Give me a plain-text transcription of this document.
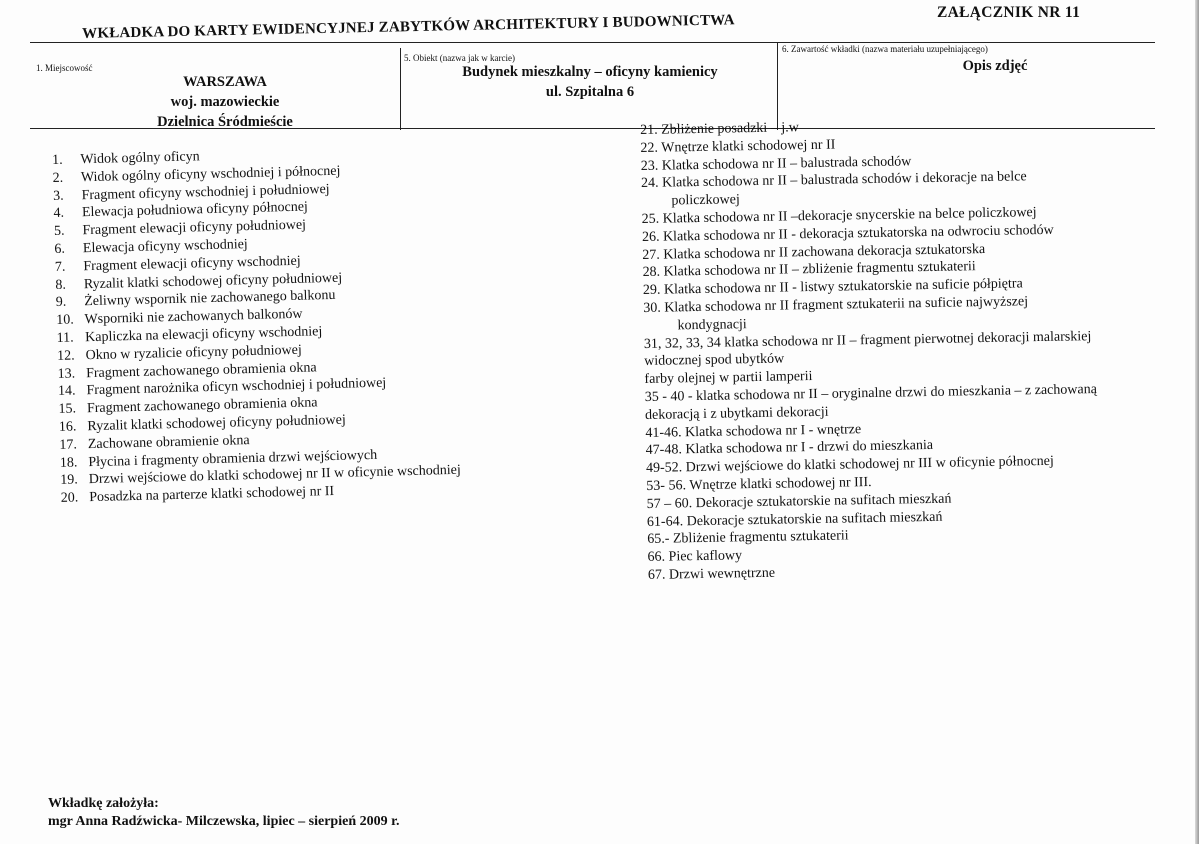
ZAŁĄCZNIK NR 11
WKŁADKA DO KARTY EWIDENCYJNEJ ZABYTKÓW ARCHITEKTURY I BUDOWNICTWA
1. Miejscowość
WARSZAWA
woj. mazowieckie
Dzielnica Śródmieście
5. Obiekt (nazwa jak w karcie)
Budynek mieszkalny – oficyny kamienicy
ul. Szpitalna 6
6. Zawartość wkładki (nazwa materiału uzupełniającego)
Opis zdjęć
1. Widok ogólny oficyn
2. Widok ogólny oficyny wschodniej i północnej
3. Fragment oficyny wschodniej i południowej
4. Elewacja południowa oficyny północnej
5. Fragment elewacji oficyny południowej
6. Elewacja oficyny wschodniej
7. Fragment elewacji oficyny wschodniej
8. Ryzalit klatki schodowej oficyny południowej
9. Żeliwny wspornik nie zachowanego balkonu
10. Wsporniki nie zachowanych balkonów
11. Kapliczka na elewacji oficyny wschodniej
12. Okno w ryzalicie oficyny południowej
13. Fragment zachowanego obramienia okna
14. Fragment narożnika oficyn wschodniej i południowej
15. Fragment zachowanego obramienia okna
16. Ryzalit klatki schodowej oficyny południowej
17. Zachowane obramienie okna
18. Płycina i fragmenty obramienia drzwi wejściowych
19. Drzwi wejściowe do klatki schodowej nr II w oficynie wschodniej
20. Posadzka na parterze klatki schodowej nr II
21. Zbliżenie posadzki – j.w
22. Wnętrze klatki schodowej nr II
23. Klatka schodowa nr II – balustrada schodów
24. Klatka schodowa nr II – balustrada schodów i dekoracje na belce
policzkowej
25. Klatka schodowa nr II –dekoracje snycerskie na belce policzkowej
26. Klatka schodowa nr II - dekoracja sztukatorska na odwrociu schodów
27. Klatka schodowa nr II zachowana dekoracja sztukatorska
28. Klatka schodowa nr II – zbliżenie fragmentu sztukaterii
29. Klatka schodowa nr II - listwy sztukatorskie na suficie półpiętra
30. Klatka schodowa nr II fragment sztukaterii na suficie najwyższej
kondygnacji
31, 32, 33, 34 klatka schodowa nr II – fragment pierwotnej dekoracji malarskiej
widocznej spod ubytków
farby olejnej w partii lamperii
35 - 40 - klatka schodowa nr II – oryginalne drzwi do mieszkania – z zachowaną
dekoracją i z ubytkami dekoracji
41-46. Klatka schodowa nr I - wnętrze
47-48. Klatka schodowa nr I - drzwi do mieszkania
49-52. Drzwi wejściowe do klatki schodowej nr III w oficynie północnej
53- 56. Wnętrze klatki schodowej nr III.
57 – 60. Dekoracje sztukatorskie na sufitach mieszkań
61-64. Dekoracje sztukatorskie na sufitach mieszkań
65.- Zbliżenie fragmentu sztukaterii
66. Piec kaflowy
67. Drzwi wewnętrzne
Wkładkę założyła:
mgr Anna Radźwicka- Milczewska, lipiec – sierpień 2009 r.
